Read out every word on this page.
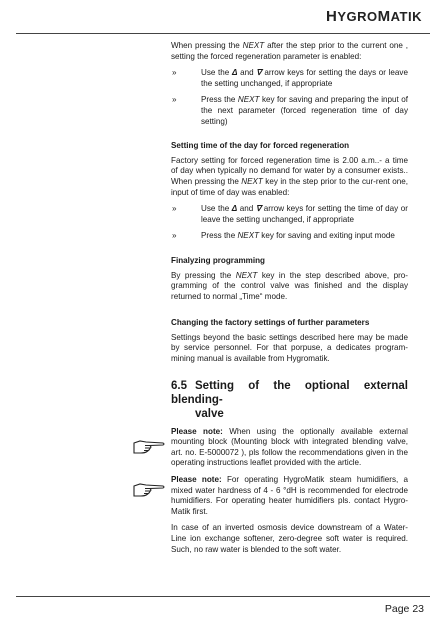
HYGROMATIK

When pressing the NEXT after the step prior to the current one , setting the forced regeneration parameter is enabled:

»	Use the Δ and ∇ arrow keys for setting the days or leave the setting unchanged, if appropriate

»	Press the NEXT key for saving and preparing the input of the next parameter (forced regeneration time of day setting)

Setting time of the day for forced regeneration

Factory setting for forced regeneration time is 2.00 a.m..- a time of day when typically no demand for water by a consumer exists.. When pressing the NEXT key in the step prior to the cur-rent one, input of time of day was enabled:

»	Use the Δ and ∇ arrow keys for setting the time of day or leave the setting unchanged, if appropriate

»	Press the NEXT key for saving and exiting input mode

Finalyzing programming

By pressing the NEXT key in the step described above, pro-gramming of the control valve was finished and the display returned to normal „Time“ mode.

Changing the factory settings of further parameters

Settings beyond the basic settings described here may be made by service personnel. For that porpuse, a dedicates program-mining manual is available from Hygromatik.

6.5 Setting of the optional external blending-
valve

Please note: When using the optionally available external mounting block (Mounting block with integrated blending valve, art. no. E-5000072 ), pls follow the recommendations given in the operating instructions leaflet provided with the article.

Please note: For operating HygroMatik steam humidifiers, a mixed water hardness of 4 - 6 °dH is recommended for electrode humidifiers. For operating heater humidifiers pls. contact Hygro-Matik first.

In case of an inverted osmosis device downstream of a Water-Line ion exchange softener, zero-degree soft water is required. Such, no raw water is blended to the soft water.

Page 23
